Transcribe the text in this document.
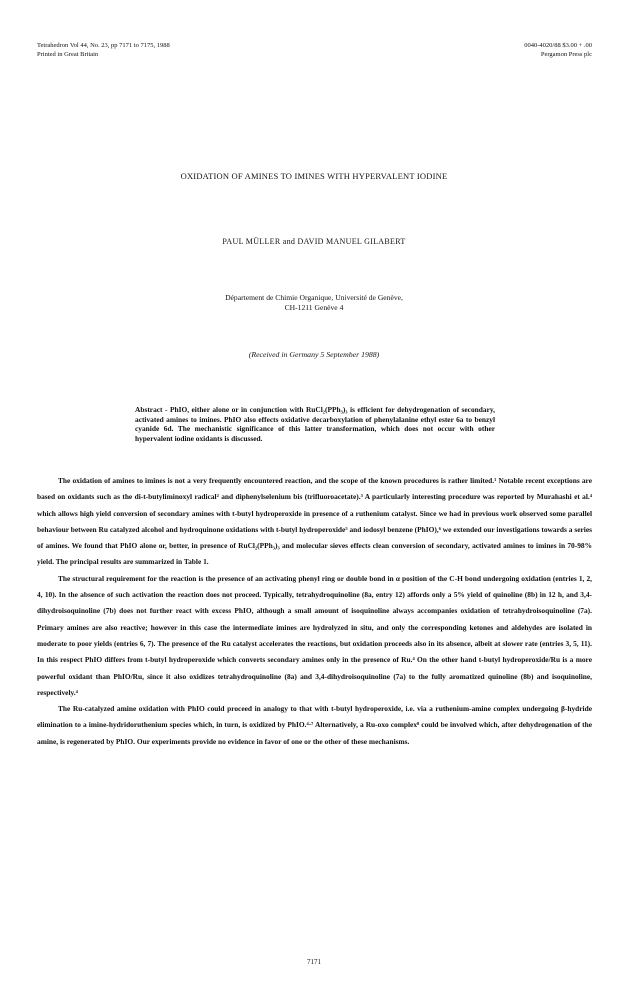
Tetrahedron Vol 44, No. 23, pp 7171 to 7175, 1988
Printed in Great Britain
0040-4020/88 $3.00 + .00
Pergamon Press plc
OXIDATION OF AMINES TO IMINES WITH HYPERVALENT IODINE
PAUL MÜLLER and DAVID MANUEL GILABERT
Département de Chimie Organique, Université de Genève,
CH-1211 Genève 4
(Received in Germany 5 September 1988)
Abstract - PhIO, either alone or in conjunction with RuCl₂(PPh₃)₃ is efficient for dehydrogenation of secondary, activated amines to imines. PhIO also effects oxidative decarboxylation of phenylalanine ethyl ester 6a to benzyl cyanide 6d. The mechanistic significance of this latter transformation, which does not occur with other hypervalent iodine oxidants is discussed.

The oxidation of amines to imines is not a very frequently encountered reaction, and the scope of the known procedures is rather limited.¹ Notable recent exceptions are based on oxidants such as the di-t-butyliminoxyl radical² and diphenylselenium bis (trifluoroacetate).³ A particularly interesting procedure was reported by Murahashi et al.⁴ which allows high yield conversion of secondary amines with t-butyl hydroperoxide in presence of a ruthenium catalyst. Since we had in previous work observed some parallel behaviour between Ru catalyzed alcohol and hydroquinone oxidations with t-butyl hydroperoxide⁵ and iodosyl benzene (PhIO),⁶ we extended our investigations towards a series of amines. We found that PhIO alone or, better, in presence of RuCl₂(PPh₃)₃ and molecular sieves effects clean conversion of secondary, activated amines to imines in 70-98% yield. The principal results are summarized in Table 1.

The structural requirement for the reaction is the presence of an activating phenyl ring or double bond in α position of the C-H bond undergoing oxidation (entries 1, 2, 4, 10). In the absence of such activation the reaction does not proceed. Typically, tetrahydroquinoline (8a, entry 12) affords only a 5% yield of quinoline (8b) in 12 h, and 3,4-dihydroisoquinoline (7b) does not further react with excess PhIO, although a small amount of isoquinoline always accompanies oxidation of tetrahydroisoquinoline (7a). Primary amines are also reactive; however in this case the intermediate imines are hydrolyzed in situ, and only the corresponding ketones and aldehydes are isolated in moderate to poor yields (entries 6, 7). The presence of the Ru catalyst accelerates the reactions, but oxidation proceeds also in its absence, albeit at slower rate (entries 3, 5, 11). In this respect PhIO differs from t-butyl hydroperoxide which converts secondary amines only in the presence of Ru.⁴ On the other hand t-butyl hydroperoxide/Ru is a more powerful oxidant than PhIO/Ru, since it also oxidizes tetrahydroquinoline (8a) and 3,4-dihydroisoquinoline (7a) to the fully aromatized quinoline (8b) and isoquinoline, respectively.⁴

The Ru-catalyzed amine oxidation with PhIO could proceed in analogy to that with t-butyl hydroperoxide, i.e. via a ruthenium-amine complex undergoing β-hydride elimination to a imine-hydridoruthenium species which, in turn, is oxidized by PhIO.⁴·⁷ Alternatively, a Ru-oxo complex⁸ could be involved which, after dehydrogenation of the amine, is regenerated by PhIO. Our experiments provide no evidence in favor of one or the other of these mechanisms.

7171
